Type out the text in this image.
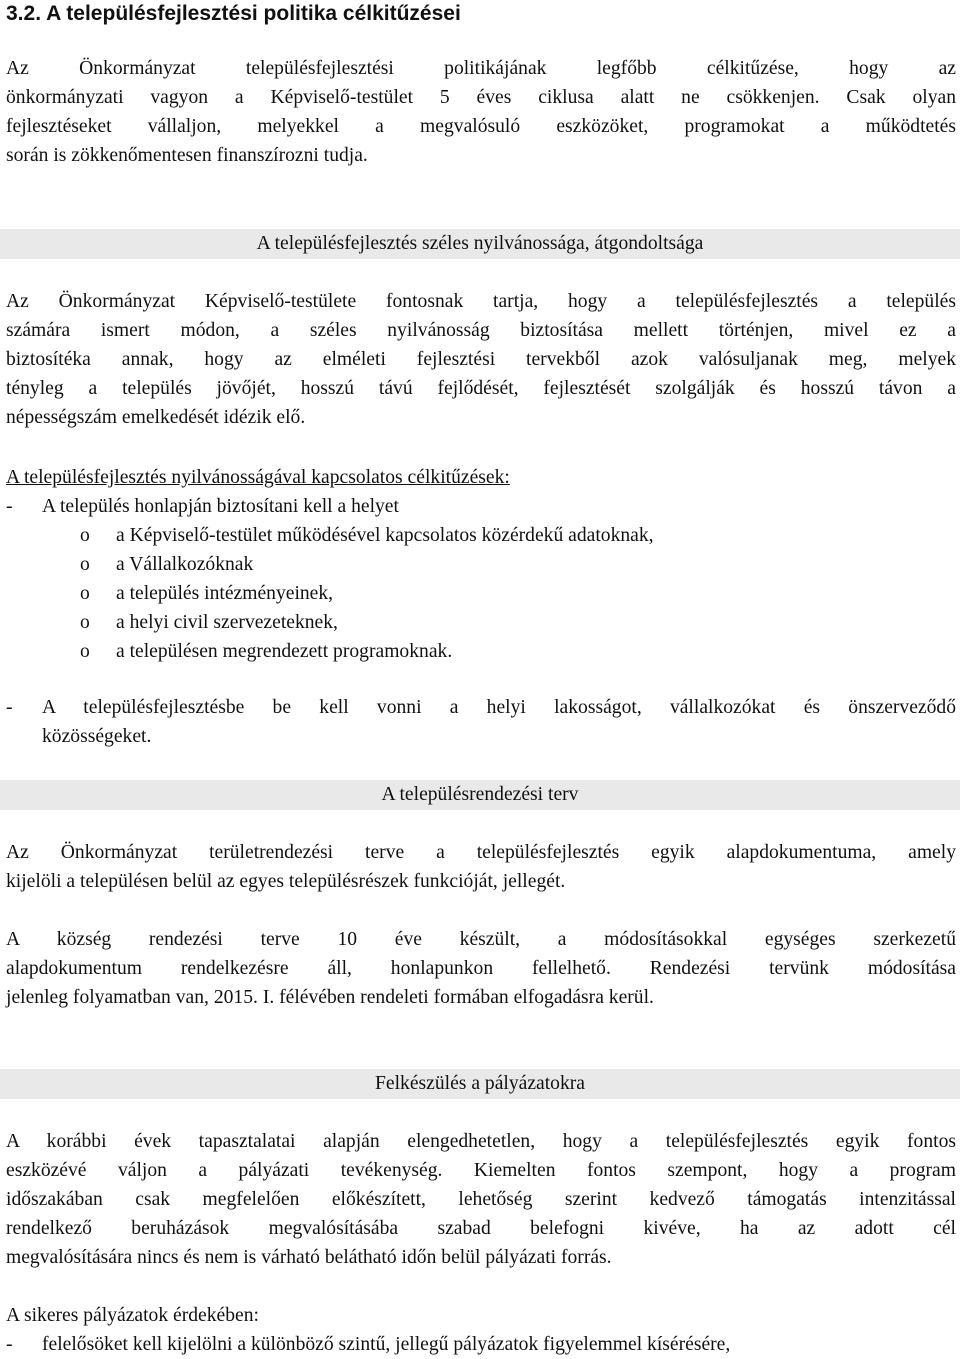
3.2. A településfejlesztési politika célkitűzései
Az Önkormányzat településfejlesztési politikájának legfőbb célkitűzése, hogy az
önkormányzati vagyon a Képviselő-testület 5 éves ciklusa alatt ne csökkenjen. Csak olyan
fejlesztéseket vállaljon, melyekkel a megvalósuló eszközöket, programokat a működtetés
során is zökkenőmentesen finanszírozni tudja.
A településfejlesztés széles nyilvánossága, átgondoltsága
Az Önkormányzat Képviselő-testülete fontosnak tartja, hogy a településfejlesztés a település
számára ismert módon, a széles nyilvánosság biztosítása mellett történjen, mivel ez a
biztosítéka annak, hogy az elméleti fejlesztési tervekből azok valósuljanak meg, melyek
tényleg a település jövőjét, hosszú távú fejlődését, fejlesztését szolgálják és hosszú távon a
népességszám emelkedését idézik elő.
A településfejlesztés nyilvánosságával kapcsolatos célkitűzések:
- A település honlapján biztosítani kell a helyet
o a Képviselő-testület működésével kapcsolatos közérdekű adatoknak,
o a Vállalkozóknak
o a település intézményeinek,
o a helyi civil szervezeteknek,
o a településen megrendezett programoknak.
- A településfejlesztésbe be kell vonni a helyi lakosságot, vállalkozókat és önszerveződő
közösségeket.
A településrendezési terv
Az Önkormányzat területrendezési terve a településfejlesztés egyik alapdokumentuma, amely
kijelöli a településen belül az egyes településrészek funkcióját, jellegét.
A község rendezési terve 10 éve készült, a módosításokkal egységes szerkezetű
alapdokumentum rendelkezésre áll, honlapunkon fellelhető. Rendezési tervünk módosítása
jelenleg folyamatban van, 2015. I. félévében rendeleti formában elfogadásra kerül.
Felkészülés a pályázatokra
A korábbi évek tapasztalatai alapján elengedhetetlen, hogy a településfejlesztés egyik fontos
eszközévé váljon a pályázati tevékenység. Kiemelten fontos szempont, hogy a program
időszakában csak megfelelően előkészített, lehetőség szerint kedvező támogatás intenzitással
rendelkező beruházások megvalósításába szabad belefogni kivéve, ha az adott cél
megvalósítására nincs és nem is várható belátható időn belül pályázati forrás.
A sikeres pályázatok érdekében:
- felelősöket kell kijelölni a különböző szintű, jellegű pályázatok figyelemmel kísérésére,
